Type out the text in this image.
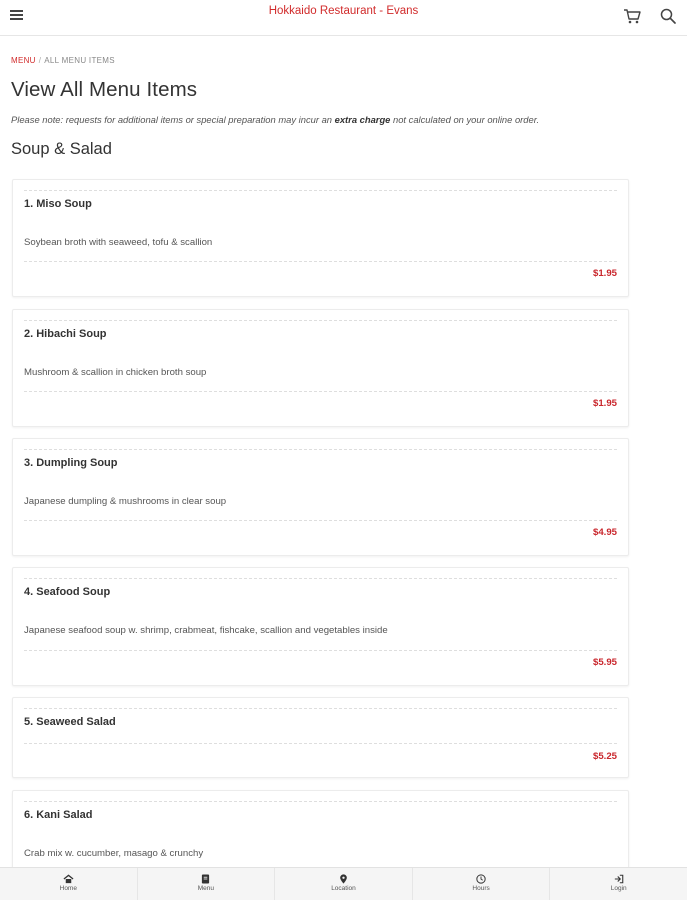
Hokkaido Restaurant - Evans
MENU / ALL MENU ITEMS
View All Menu Items
Please note: requests for additional items or special preparation may incur an extra charge not calculated on your online order.
Soup & Salad
1. Miso Soup
Soybean broth with seaweed, tofu & scallion
$1.95
2. Hibachi Soup
Mushroom & scallion in chicken broth soup
$1.95
3. Dumpling Soup
Japanese dumpling & mushrooms in clear soup
$4.95
4. Seafood Soup
Japanese seafood soup w. shrimp, crabmeat, fishcake, scallion and vegetables inside
$5.95
5. Seaweed Salad
$5.25
6. Kani Salad
Crab mix w. cucumber, masago & crunchy
Home	Menu	Location	Hours	Login
